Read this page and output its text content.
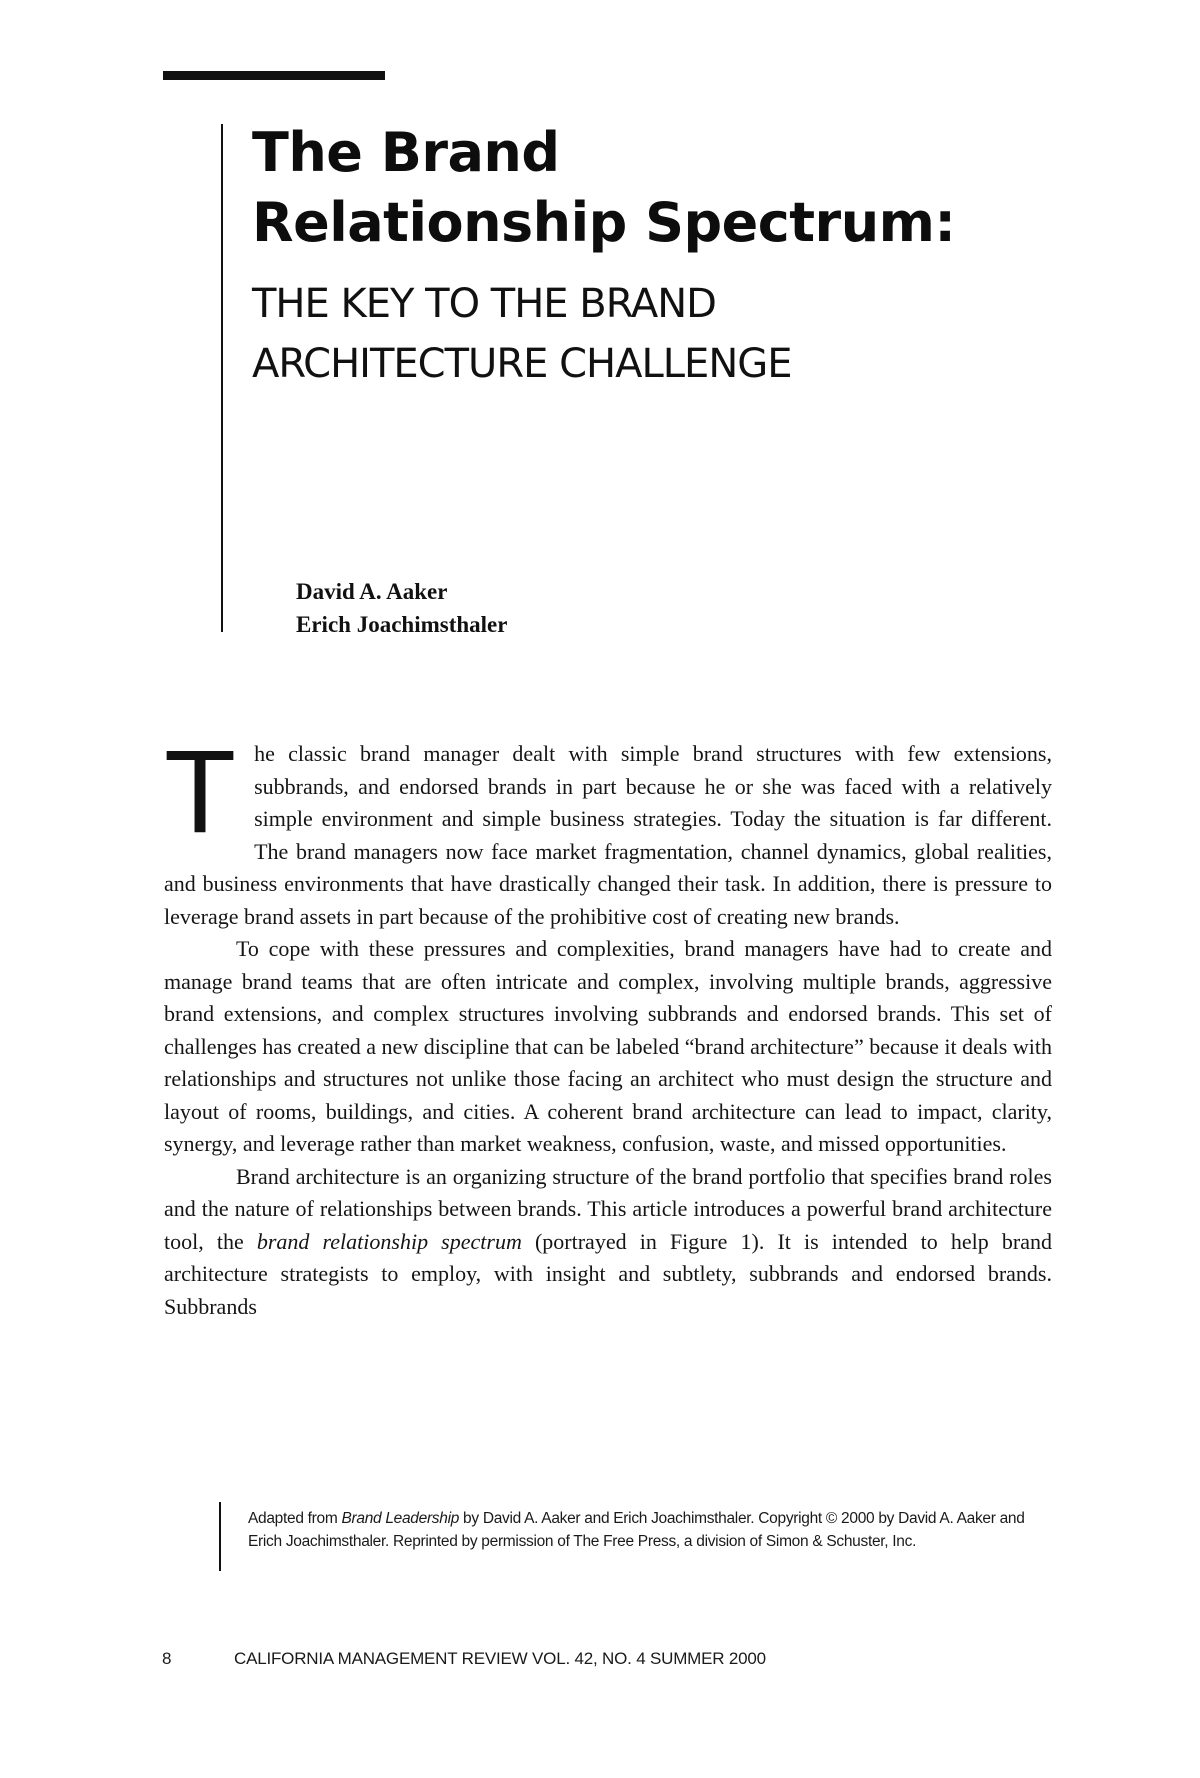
The Brand
Relationship Spectrum:
THE KEY TO THE BRAND
ARCHITECTURE CHALLENGE
David A. Aaker
Erich Joachimsthaler

The classic brand manager dealt with simple brand structures with few extensions, subbrands, and endorsed brands in part because he or she was faced with a relatively simple environment and simple business strategies. Today the situation is far different. The brand managers now face market fragmentation, channel dynamics, global realities, and business environments that have drastically changed their task. In addition, there is pressure to leverage brand assets in part because of the prohibitive cost of creating new brands.

To cope with these pressures and complexities, brand managers have had to create and manage brand teams that are often intricate and complex, involving multiple brands, aggressive brand extensions, and complex structures involving subbrands and endorsed brands. This set of challenges has created a new discipline that can be labeled “brand architecture” because it deals with relationships and structures not unlike those facing an architect who must design the structure and layout of rooms, buildings, and cities. A coherent brand architecture can lead to impact, clarity, synergy, and leverage rather than market weakness, confusion, waste, and missed opportunities.

Brand architecture is an organizing structure of the brand portfolio that specifies brand roles and the nature of relationships between brands. This article introduces a powerful brand architecture tool, the brand relationship spectrum (portrayed in Figure 1). It is intended to help brand architecture strategists to employ, with insight and subtlety, subbrands and endorsed brands. Subbrands

Adapted from Brand Leadership by David A. Aaker and Erich Joachimsthaler. Copyright © 2000 by David A. Aaker and Erich Joachimsthaler. Reprinted by permission of The Free Press, a division of Simon & Schuster, Inc.
8	CALIFORNIA MANAGEMENT REVIEW VOL. 42, NO. 4 SUMMER 2000
